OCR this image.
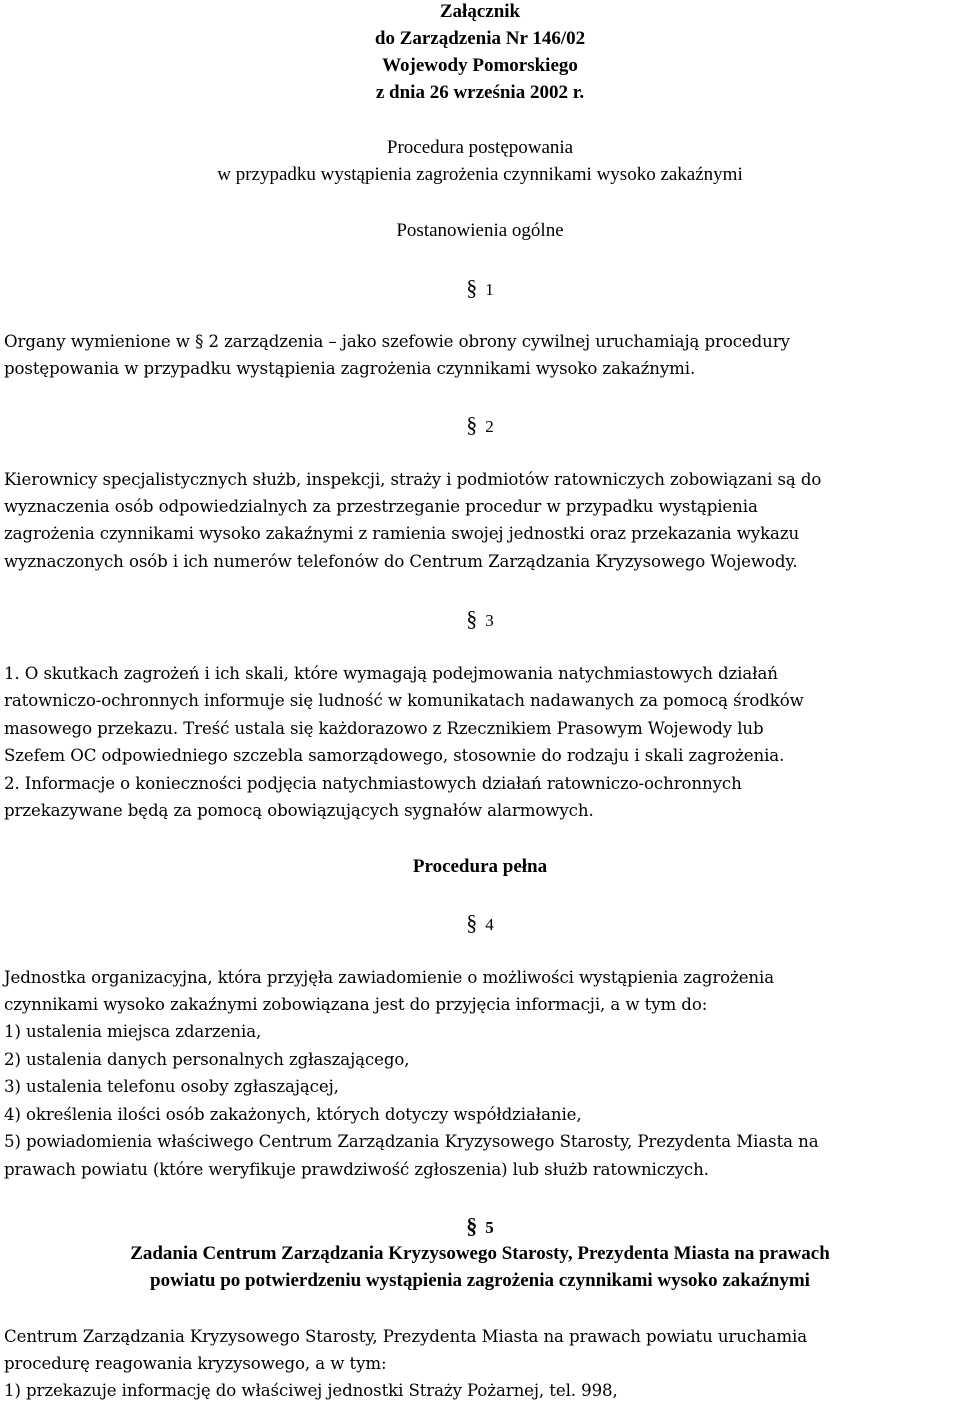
Załącznik
do Zarządzenia Nr 146/02
Wojewody Pomorskiego
z dnia 26 września 2002 r.
Procedura postępowania
w przypadku wystąpienia zagrożenia czynnikami wysoko zakaźnymi
Postanowienia ogólne
§ 1
Organy wymienione w § 2 zarządzenia – jako szefowie obrony cywilnej uruchamiają procedury
postępowania w przypadku wystąpienia zagrożenia czynnikami wysoko zakaźnymi.
§ 2
Kierownicy specjalistycznych służb, inspekcji, straży i podmiotów ratowniczych zobowiązani są do
wyznaczenia osób odpowiedzialnych za przestrzeganie procedur w przypadku wystąpienia
zagrożenia czynnikami wysoko zakaźnymi z ramienia swojej jednostki oraz przekazania wykazu
wyznaczonych osób i ich numerów telefonów do Centrum Zarządzania Kryzysowego Wojewody.
§ 3
1. O skutkach zagrożeń i ich skali, które wymagają podejmowania natychmiastowych działań
ratowniczo-ochronnych informuje się ludność w komunikatach nadawanych za pomocą środków
masowego przekazu. Treść ustala się każdorazowo z Rzecznikiem Prasowym Wojewody lub
Szefem OC odpowiedniego szczebla samorządowego, stosownie do rodzaju i skali zagrożenia.
2. Informacje o konieczności podjęcia natychmiastowych działań ratowniczo-ochronnych
przekazywane będą za pomocą obowiązujących sygnałów alarmowych.
Procedura pełna
§ 4
Jednostka organizacyjna, która przyjęła zawiadomienie o możliwości wystąpienia zagrożenia
czynnikami wysoko zakaźnymi zobowiązana jest do przyjęcia informacji, a w tym do:
1) ustalenia miejsca zdarzenia,
2) ustalenia danych personalnych zgłaszającego,
3) ustalenia telefonu osoby zgłaszającej,
4) określenia ilości osób zakażonych, których dotyczy współdziałanie,
5) powiadomienia właściwego Centrum Zarządzania Kryzysowego Starosty, Prezydenta Miasta na
prawach powiatu (które weryfikuje prawdziwość zgłoszenia) lub służb ratowniczych.
§ 5
Zadania Centrum Zarządzania Kryzysowego Starosty, Prezydenta Miasta na prawach
powiatu po potwierdzeniu wystąpienia zagrożenia czynnikami wysoko zakaźnymi
Centrum Zarządzania Kryzysowego Starosty, Prezydenta Miasta na prawach powiatu uruchamia
procedurę reagowania kryzysowego, a w tym:
1) przekazuje informację do właściwej jednostki Straży Pożarnej, tel. 998,
